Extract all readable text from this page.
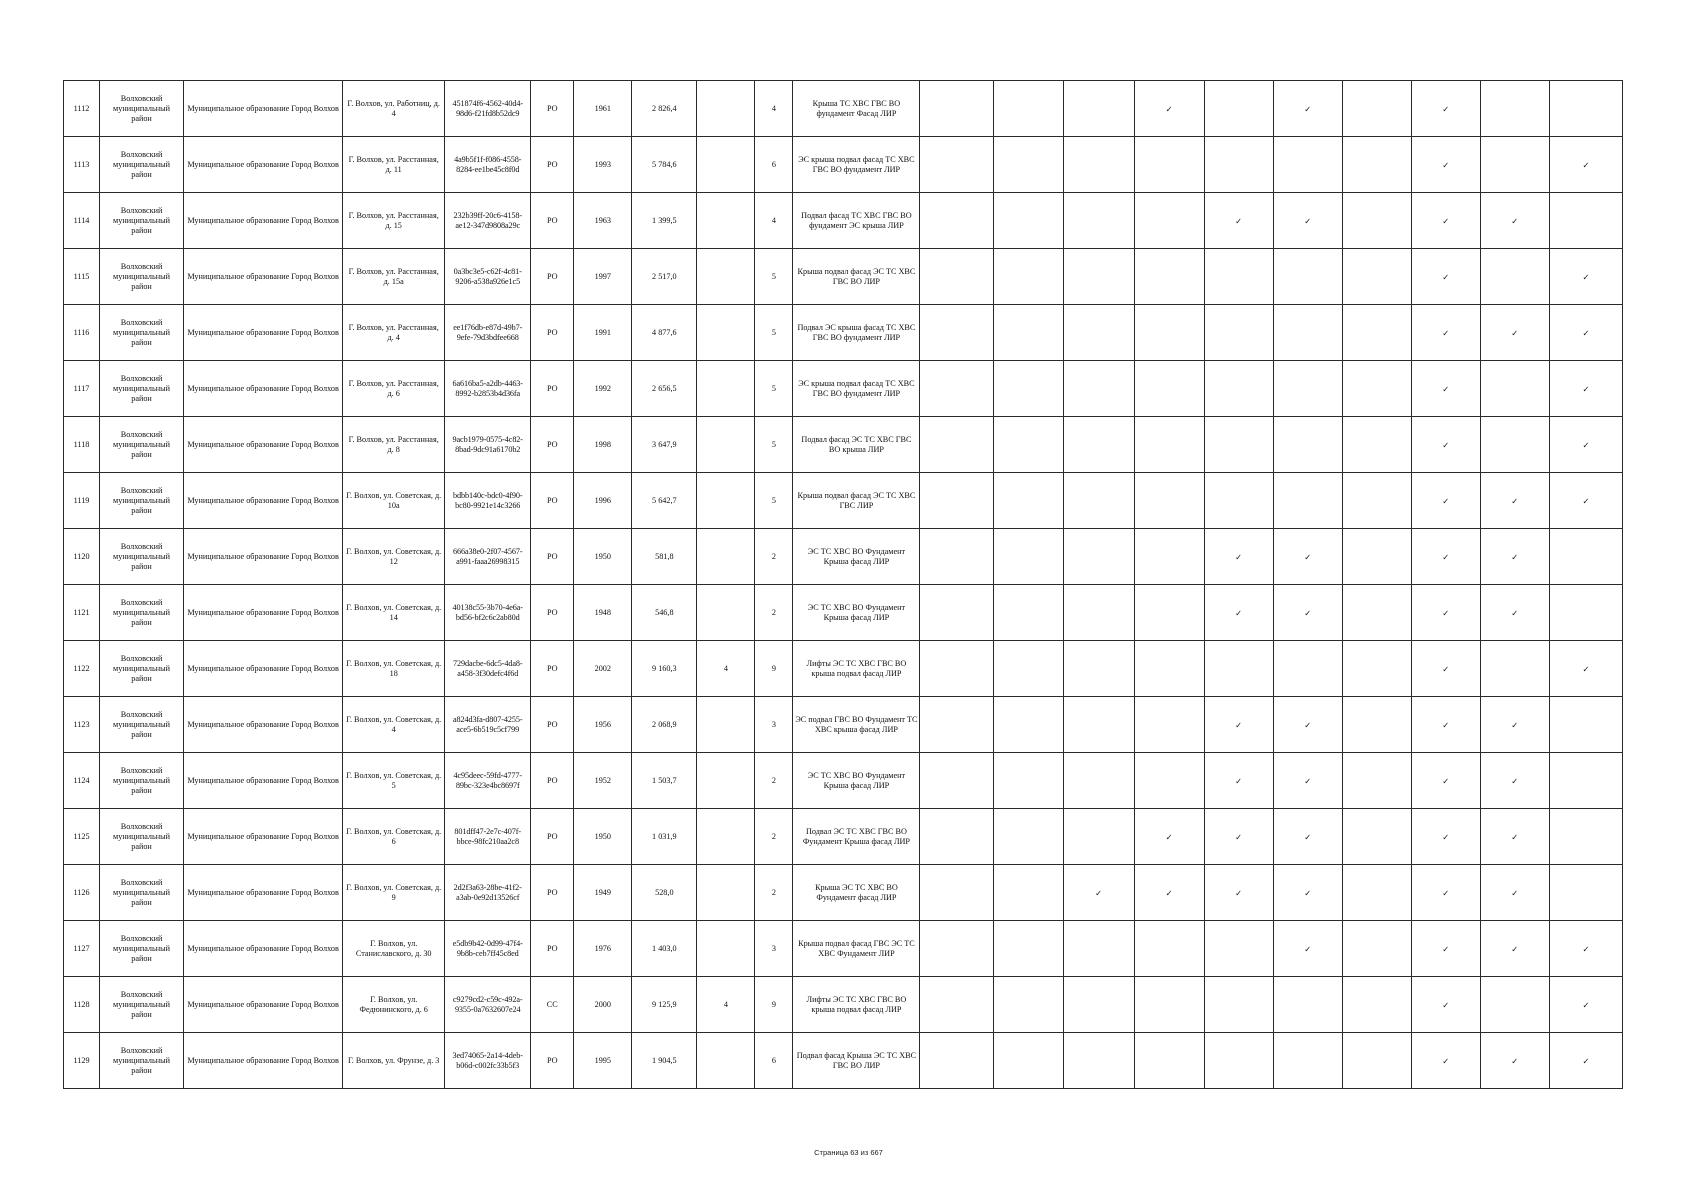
1112	Волховский муниципальный район	Муниципальное образование Город Волхов	Г. Волхов, ул. Работниц, д. 4	451874f6-4562-40d4-98d6-f21fd8b52dc9	РО	1961	2 826,4		4	Крыша ТС ХВС ГВС ВО фундамент Фасад ЛИР				✓		✓		✓		
1113	Волховский муниципальный район	Муниципальное образование Город Волхов	Г. Волхов, ул. Расстанная, д. 11	4a9b5f1f-f086-4558-8284-ee1be45c8f0d	РО	1993	5 784,6		6	ЭС крыша подвал фасад ТС ХВС ГВС ВО фундамент ЛИР								✓		✓
1114	Волховский муниципальный район	Муниципальное образование Город Волхов	Г. Волхов, ул. Расстанная, д. 15	232b39ff-20c6-4158-ae12-347d9808a29c	РО	1963	1 399,5		4	Подвал фасад ТС ХВС ГВС ВО фундамент ЭС крыша ЛИР					✓	✓		✓	✓	
1115	Волховский муниципальный район	Муниципальное образование Город Волхов	Г. Волхов, ул. Расстанная, д. 15а	0a3bc3e5-c62f-4c81-9206-a538a926e1c5	РО	1997	2 517,0		5	Крыша подвал фасад ЭС ТС ХВС ГВС ВО ЛИР								✓		✓
1116	Волховский муниципальный район	Муниципальное образование Город Волхов	Г. Волхов, ул. Расстанная, д. 4	ee1f76db-e87d-49b7-9efe-79d3bdfee668	РО	1991	4 877,6		5	Подвал ЭС крыша фасад ТС ХВС ГВС ВО фундамент ЛИР								✓	✓	✓
1117	Волховский муниципальный район	Муниципальное образование Город Волхов	Г. Волхов, ул. Расстанная, д. 6	6a616ba5-a2db-4463-8992-b2853b4d36fa	РО	1992	2 656,5		5	ЭС крыша подвал фасад ТС ХВС ГВС ВО фундамент ЛИР								✓		✓
1118	Волховский муниципальный район	Муниципальное образование Город Волхов	Г. Волхов, ул. Расстанная, д. 8	9acb1979-0575-4c82-8bad-9dc91a6170b2	РО	1998	3 647,9		5	Подвал фасад ЭС ТС ХВС ГВС ВО крыша ЛИР								✓		✓
1119	Волховский муниципальный район	Муниципальное образование Город Волхов	Г. Волхов, ул. Советская, д. 10а	bdbb140c-bdc0-4f90-bc80-9921e14c3266	РО	1996	5 642,7		5	Крыша подвал фасад ЭС ТС ХВС ГВС ЛИР								✓	✓	✓
1120	Волховский муниципальный район	Муниципальное образование Город Волхов	Г. Волхов, ул. Советская, д. 12	666a38e0-2f07-4567-a991-faaa26998315	РО	1950	581,8		2	ЭС ТС ХВС ВО Фундамент Крыша фасад ЛИР					✓	✓		✓	✓	
1121	Волховский муниципальный район	Муниципальное образование Город Волхов	Г. Волхов, ул. Советская, д. 14	40138c55-3b70-4e6a-bd56-bf2c6c2ab80d	РО	1948	546,8		2	ЭС ТС ХВС ВО Фундамент Крыша фасад ЛИР					✓	✓		✓	✓	
1122	Волховский муниципальный район	Муниципальное образование Город Волхов	Г. Волхов, ул. Советская, д. 18	729dacbe-6dc5-4da8-a458-3f30defc4f6d	РО	2002	9 160,3	4	9	Лифты ЭС ТС ХВС ГВС ВО крыша подвал фасад ЛИР								✓		✓
1123	Волховский муниципальный район	Муниципальное образование Город Волхов	Г. Волхов, ул. Советская, д. 4	a824d3fa-d807-4255-ace5-6b519c5cf799	РО	1956	2 068,9		3	ЭС подвал ГВС ВО Фундамент ТС ХВС крыша фасад ЛИР					✓	✓		✓	✓	
1124	Волховский муниципальный район	Муниципальное образование Город Волхов	Г. Волхов, ул. Советская, д. 5	4c95deec-59fd-4777-89bc-323e4bc8697f	РО	1952	1 503,7		2	ЭС ТС ХВС ВО Фундамент Крыша фасад ЛИР					✓	✓		✓	✓	
1125	Волховский муниципальный район	Муниципальное образование Город Волхов	Г. Волхов, ул. Советская, д. 6	801dff47-2e7c-407f-bbce-98fc210aa2c8	РО	1950	1 031,9		2	Подвал ЭС ТС ХВС ГВС ВО Фундамент Крыша фасад ЛИР				✓	✓	✓		✓	✓	
1126	Волховский муниципальный район	Муниципальное образование Город Волхов	Г. Волхов, ул. Советская, д. 9	2d2f3a63-28be-41f2-a3ab-0e92d13526cf	РО	1949	528,0		2	Крыша ЭС ТС ХВС ВО Фундамент фасад ЛИР			✓	✓	✓	✓		✓	✓	
1127	Волховский муниципальный район	Муниципальное образование Город Волхов	Г. Волхов, ул. Станиславского, д. 30	e5db9b42-0d99-47f4-9b8b-ceb7ff45c8ed	РО	1976	1 403,0		3	Крыша подвал фасад ГВС ЭС ТС ХВС Фундамент ЛИР						✓		✓	✓	✓
1128	Волховский муниципальный район	Муниципальное образование Город Волхов	Г. Волхов, ул. Федюнинского, д. 6	c9279cd2-c59c-492a-9355-0a7632607e24	СС	2000	9 125,9	4	9	Лифты ЭС ТС ХВС ГВС ВО крыша подвал фасад ЛИР								✓		✓
1129	Волховский муниципальный район	Муниципальное образование Город Волхов	Г. Волхов, ул. Фрунзе, д. 3	3ed74065-2a14-4deb-b06d-c002fc33b5f3	РО	1995	1 904,5		6	Подвал фасад Крыша ЭС ТС ХВС ГВС ВО ЛИР								✓	✓	✓
Страница 63 из 667
